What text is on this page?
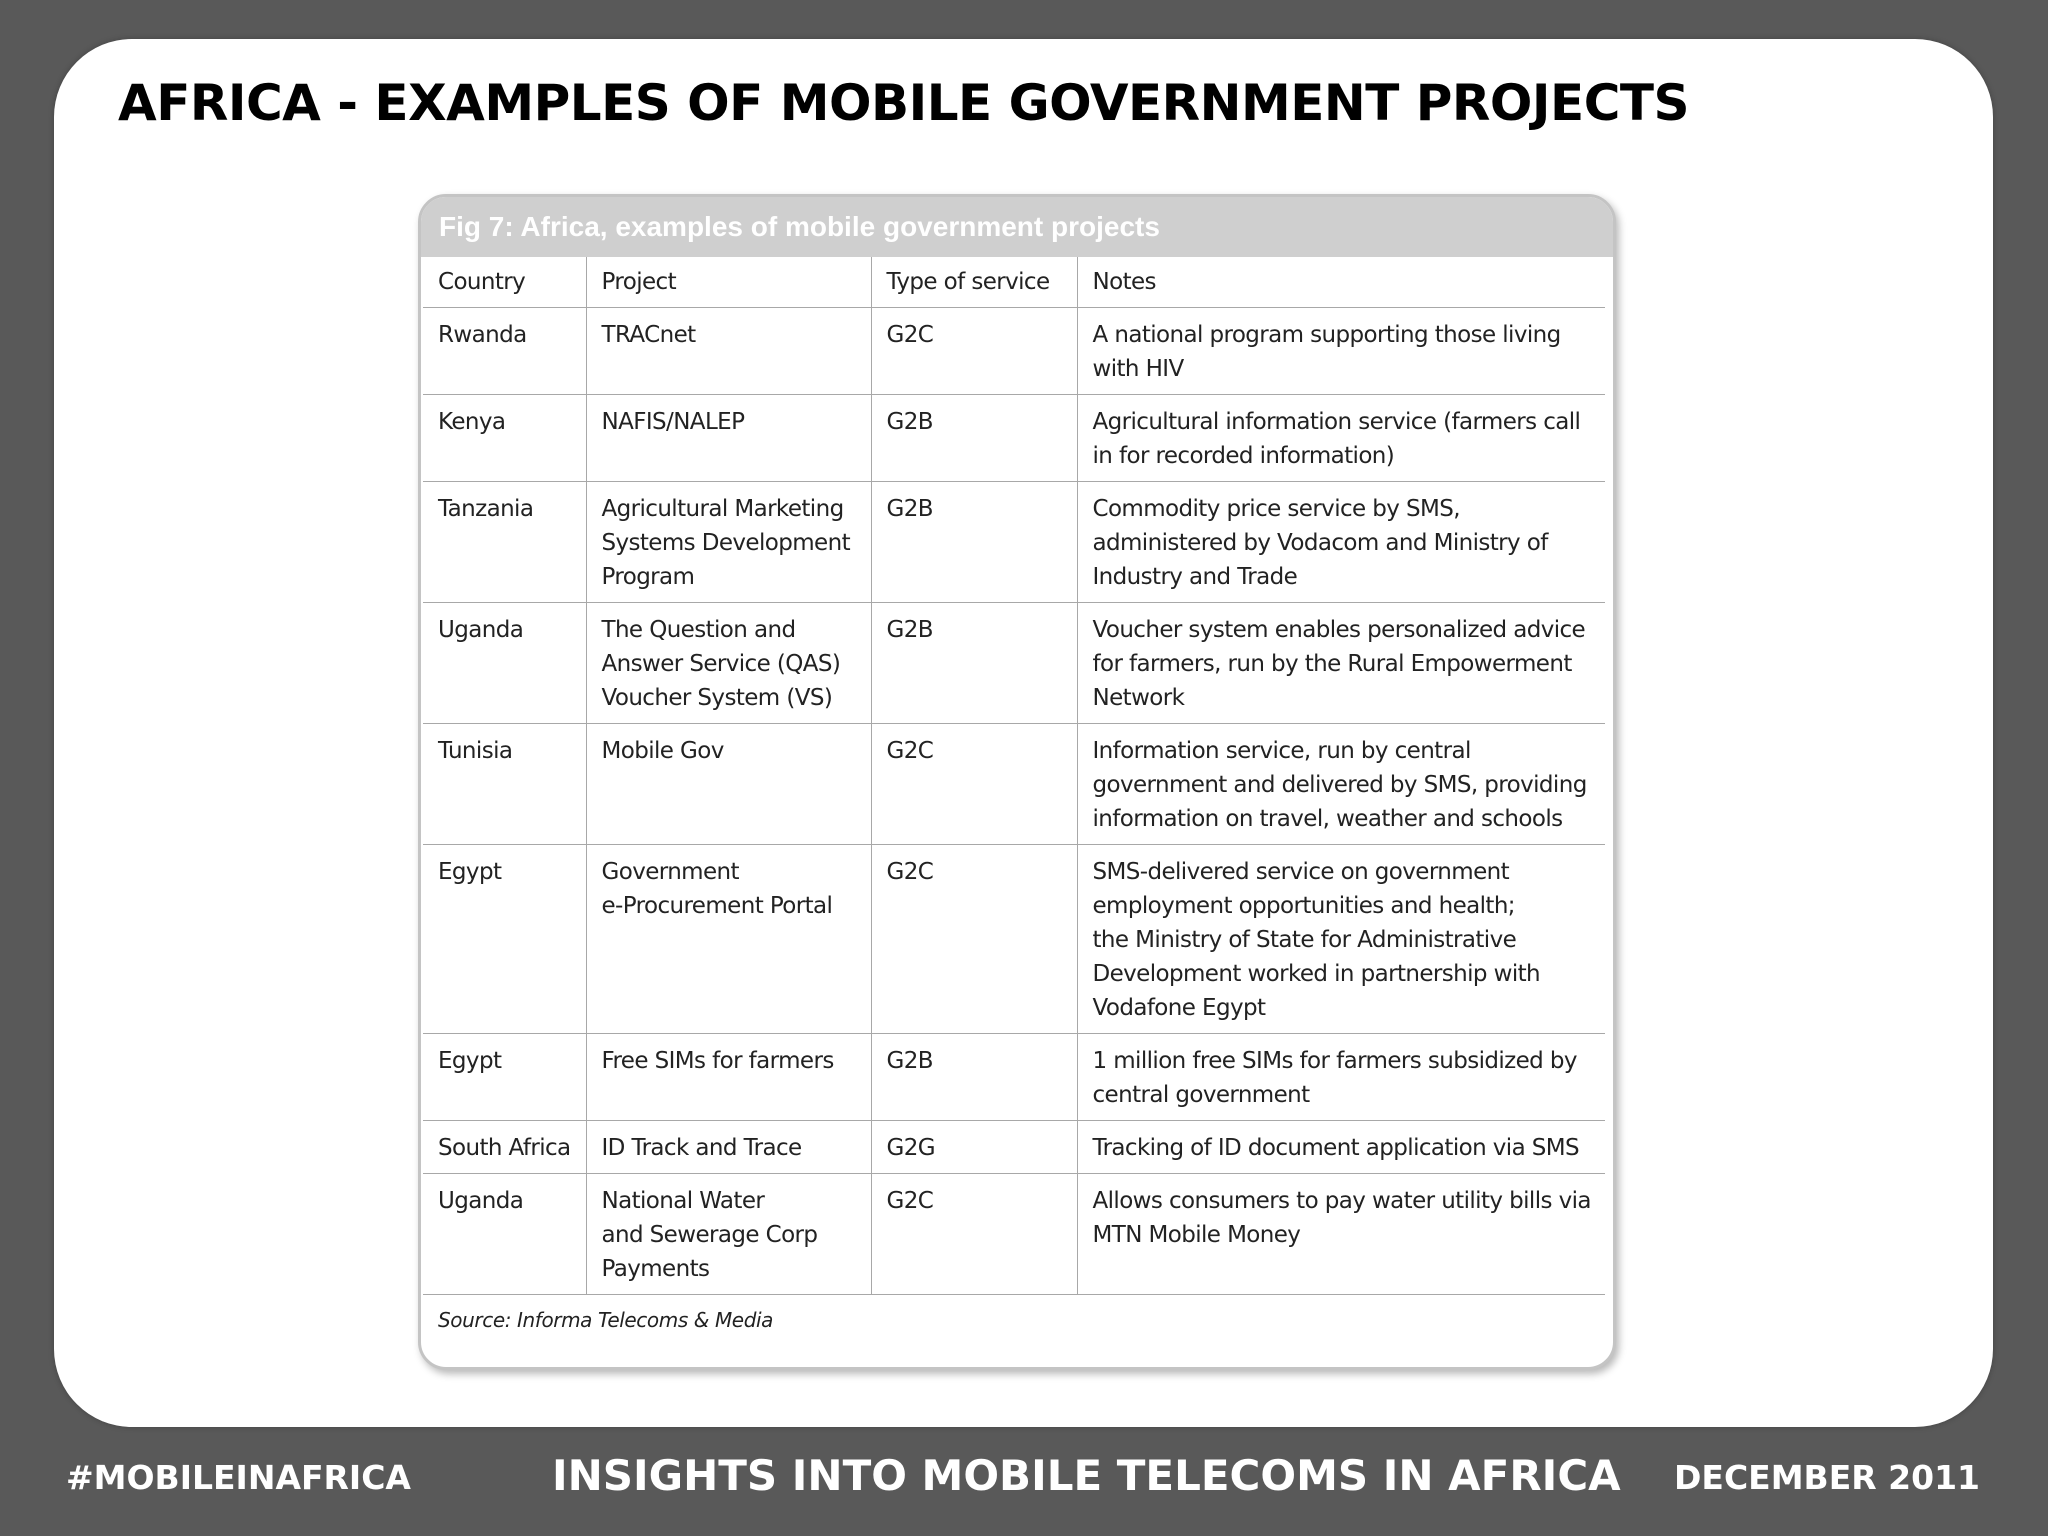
AFRICA - EXAMPLES OF MOBILE GOVERNMENT PROJECTS
Fig 7: Africa, examples of mobile government projects
Country	Project	Type of service	Notes
Rwanda	TRACnet	G2C	A national program supporting those living
with HIV
Kenya	NAFIS/NALEP	G2B	Agricultural information service (farmers call
in for recorded information)
Tanzania	Agricultural Marketing
Systems Development
Program	G2B	Commodity price service by SMS,
administered by Vodacom and Ministry of
Industry and Trade
Uganda	The Question and
Answer Service (QAS)
Voucher System (VS)	G2B	Voucher system enables personalized advice
for farmers, run by the Rural Empowerment
Network
Tunisia	Mobile Gov	G2C	Information service, run by central
government and delivered by SMS, providing
information on travel, weather and schools
Egypt	Government
e-Procurement Portal	G2C	SMS-delivered service on government
employment opportunities and health;
the Ministry of State for Administrative
Development worked in partnership with
Vodafone Egypt
Egypt	Free SIMs for farmers	G2B	1 million free SIMs for farmers subsidized by
central government
South Africa	ID Track and Trace	G2G	Tracking of ID document application via SMS
Uganda	National Water
and Sewerage Corp
Payments	G2C	Allows consumers to pay water utility bills via
MTN Mobile Money
Source: Informa Telecoms & Media			
#MOBILEINAFRICA	INSIGHTS INTO MOBILE TELECOMS IN AFRICA DECEMBER 2011
